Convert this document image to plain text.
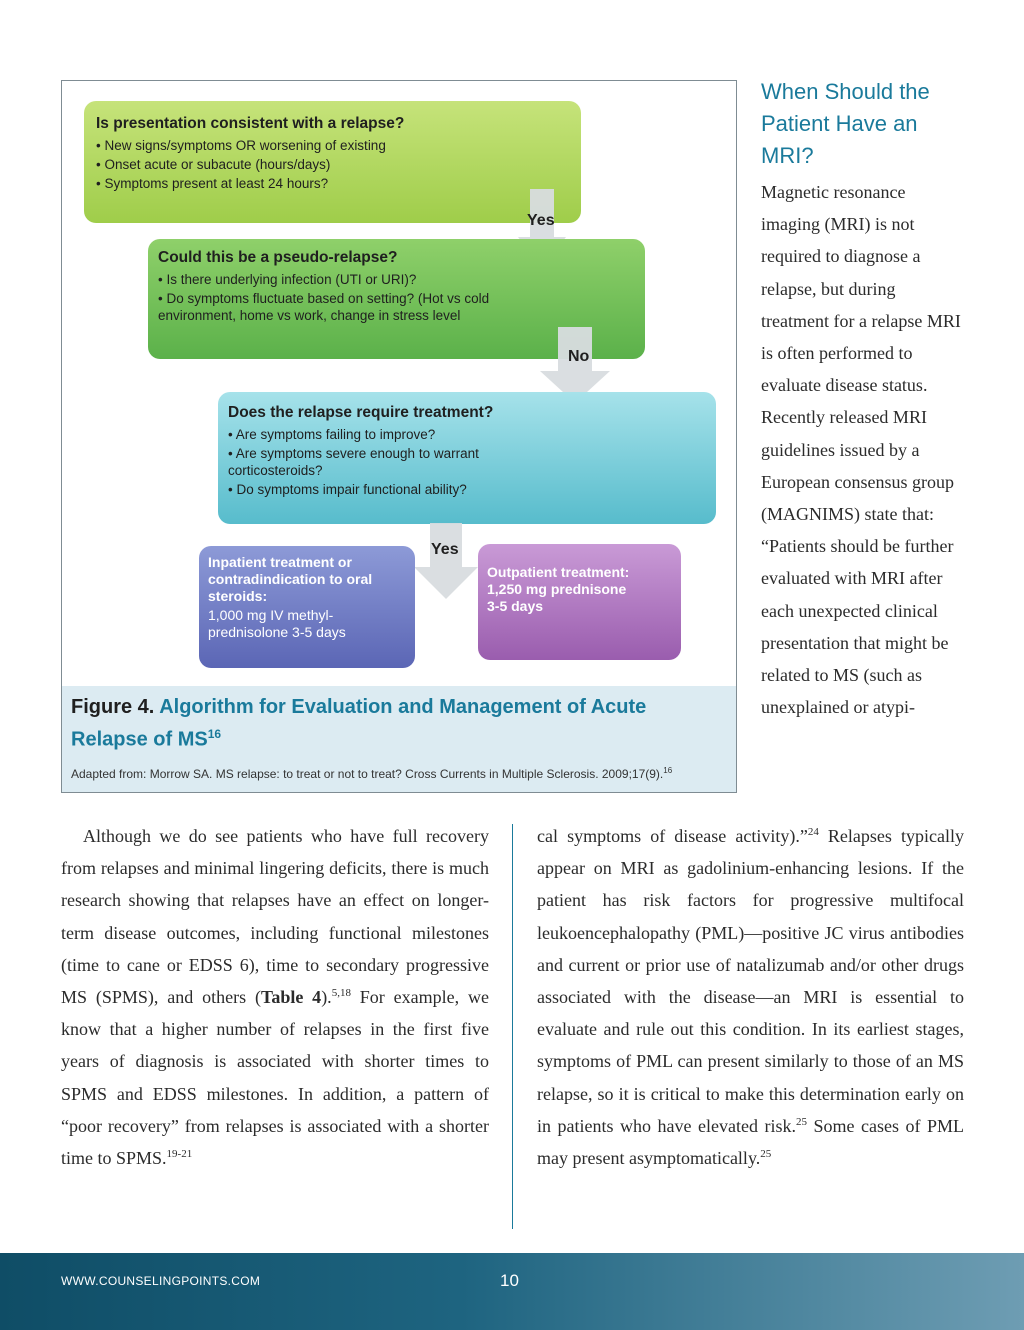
Is presentation consistent with a relapse?
• New signs/symptoms OR worsening of existing
• Onset acute or subacute (hours/days)
• Symptoms present at least 24 hours?
Yes
Could this be a pseudo-relapse?
• Is there underlying infection (UTI or URI)?
• Do symptoms fluctuate based on setting? (Hot vs cold environment, home vs work, change in stress level
No
Does the relapse require treatment?
• Are symptoms failing to improve?
• Are symptoms severe enough to warrant corticosteroids?
• Do symptoms impair functional ability?
Yes
Inpatient treatment or contradindication to oral steroids:
1,000 mg IV methyl-prednisolone 3-5 days
Outpatient treatment: 1,250 mg prednisone 3-5 days
Figure 4. Algorithm for Evaluation and Management of Acute Relapse of MS$^{16}$
Adapted from: Morrow SA. MS relapse: to treat or not to treat? Cross Currents in Multiple Sclerosis. 2009;17(9).$^{16}$
When Should the Patient Have an MRI?
Magnetic resonance imaging (MRI) is not required to diagnose a relapse, but during treatment for a relapse MRI is often performed to evaluate disease status. Recently released MRI guidelines issued by a European consensus group (MAGNIMS) state that: “Patients should be further evaluated with MRI after each unexpected clinical presentation that might be related to MS (such as unexplained or atypi-

Although we do see patients who have full recovery from relapses and minimal lingering deficits, there is much research showing that relapses have an effect on longer-term disease outcomes, including functional milestones (time to cane or EDSS 6), time to secondary progressive MS (SPMS), and others (Table 4).$^{5,18}$ For example, we know that a higher number of relapses in the first five years of diagnosis is associated with shorter times to SPMS and EDSS milestones. In addition, a pattern of “poor recovery” from relapses is associated with a shorter time to SPMS.$^{19-21}$

cal symptoms of disease activity).”$^{24}$ Relapses typically appear on MRI as gadolinium-enhancing lesions. If the patient has risk factors for progressive multifocal leukoencephalopathy (PML)—positive JC virus antibodies and current or prior use of natalizumab and/or other drugs associated with the disease—an MRI is essential to evaluate and rule out this condition. In its earliest stages, symptoms of PML can present similarly to those of an MS relapse, so it is critical to make this determination early on in patients who have elevated risk.$^{25}$ Some cases of PML may present asymptomatically.$^{25}$

WWW.COUNSELINGPOINTS.COM	10
